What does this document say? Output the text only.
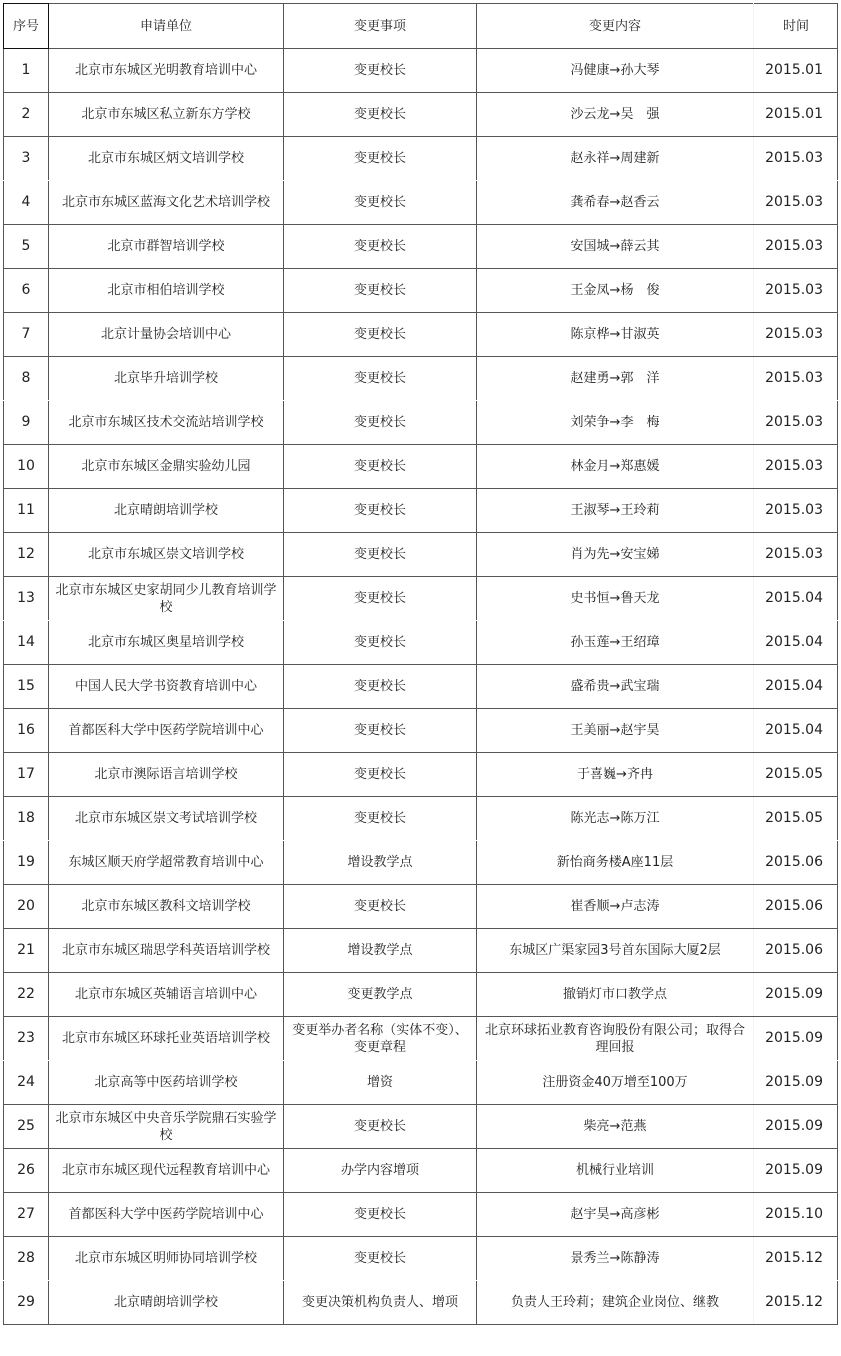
序号	申请单位	变更事项	变更内容	时间
1	北京市东城区光明教育培训中心	变更校长	冯健康→孙大琴	2015.01
2	北京市东城区私立新东方学校	变更校长	沙云龙→吴　强	2015.01
3	北京市东城区炳文培训学校	变更校长	赵永祥→周建新	2015.03
4	北京市东城区蓝海文化艺术培训学校	变更校长	龚希春→赵香云	2015.03
5	北京市群智培训学校	变更校长	安国城→薛云其	2015.03
6	北京市相伯培训学校	变更校长	王金凤→杨　俊	2015.03
7	北京计量协会培训中心	变更校长	陈京桦→甘淑英	2015.03
8	北京毕升培训学校	变更校长	赵建勇→郭　洋	2015.03
9	北京市东城区技术交流站培训学校	变更校长	刘荣争→李　梅	2015.03
10	北京市东城区金鼎实验幼儿园	变更校长	林金月→郑惠媛	2015.03
11	北京晴朗培训学校	变更校长	王淑琴→王玲莉	2015.03
12	北京市东城区崇文培训学校	变更校长	肖为先→安宝娣	2015.03
13	北京市东城区史家胡同少儿教育培训学校	变更校长	史书恒→鲁天龙	2015.04
14	北京市东城区奥星培训学校	变更校长	孙玉莲→王绍璋	2015.04
15	中国人民大学书资教育培训中心	变更校长	盛希贵→武宝瑞	2015.04
16	首都医科大学中医药学院培训中心	变更校长	王美丽→赵宇昊	2015.04
17	北京市澳际语言培训学校	变更校长	于喜巍→齐冉	2015.05
18	北京市东城区崇文考试培训学校	变更校长	陈光志→陈万江	2015.05
19	东城区顺天府学超常教育培训中心	增设教学点	新怡商务楼A座11层	2015.06
20	北京市东城区教科文培训学校	变更校长	崔香顺→卢志涛	2015.06
21	北京市东城区瑞思学科英语培训学校	增设教学点	东城区广渠家园3号首东国际大厦2层	2015.06
22	北京市东城区英辅语言培训中心	变更教学点	撤销灯市口教学点	2015.09
23	北京市东城区环球托业英语培训学校	变更举办者名称（实体不变）、变更章程	北京环球拓业教育咨询股份有限公司；取得合理回报	2015.09
24	北京高等中医药培训学校	增资	注册资金40万增至100万	2015.09
25	北京市东城区中央音乐学院鼎石实验学校	变更校长	柴亮→范燕	2015.09
26	北京市东城区现代远程教育培训中心	办学内容增项	机械行业培训	2015.09
27	首都医科大学中医药学院培训中心	变更校长	赵宇昊→高彦彬	2015.10
28	北京市东城区明师协同培训学校	变更校长	景秀兰→陈静涛	2015.12
29	北京晴朗培训学校	变更决策机构负责人、增项	负责人王玲莉；建筑企业岗位、继教	2015.12
